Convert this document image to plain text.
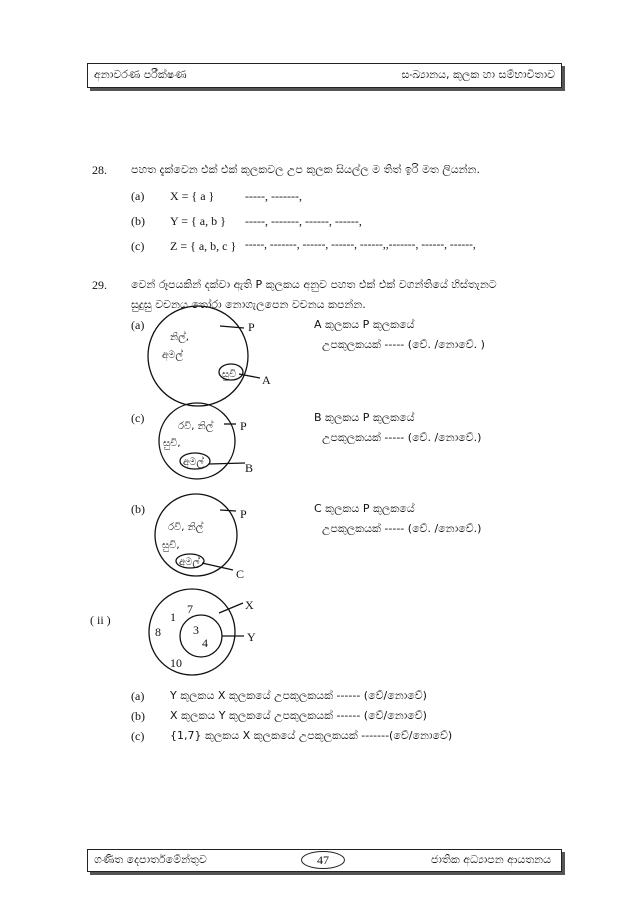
අනාවරණ පරීක්ෂණ	සංඛ්‍යානය, කුලක හා සම්භාවිතාව
28. පහත දැක්වෙන එක් එක් කුලකවල උප කුලක සියල්ල ම තිත් ඉරි මත ලියන්න.
(a) X = { a }	-----, -------,
(b) Y = { a, b } -----, -------, ------, ------,
(c) Z = { a, b, c } -----, -------, ------, ------, ------,,-------, ------, ------,
29. වෙන් රූපයකින් දක්වා ඇති P කුලකය අනුව පහත එක් එක් වගන්තියේ හිස්තැනට
සුදුසු වචනය තෝරා නොගැලපෙන වචනය කපන්න.
(a)	A කුලකය P කුලකයේ
උපකුලකයක් ----- (වේ. /නොවේ. )
(c)	B කුලකය P කුලකයේ
උපකුලකයක් ----- (වේ. /නොවේ.)
(b)	C කුලකය P කුලකයේ
උපකුලකයක් ----- (වේ. /නොවේ.)
( ii )
(a) Y කුලකය X කුලකයේ උපකුලකයක් ------ (වේ/නොවේ)
(b) X කුලකය Y කුලකයේ උපකුලකයක් ------ (වේ/නොවේ)
(c) {1,7} කුලකය X කුලකයේ උපකුලකයක් -------(වේ/නොවේ)
P
නිල්,
අමල්
සුචි A
P
රවි, නිල්
සුචි,
අමල්	B
P
රවි, නිල්
සුචි,
අමල්
C
X
Y
1
7
8
10
3
4
ගණිත දෙපාර්තමේන්තුව	47	ජාතික අධ්‍යාපන ආයතනය
